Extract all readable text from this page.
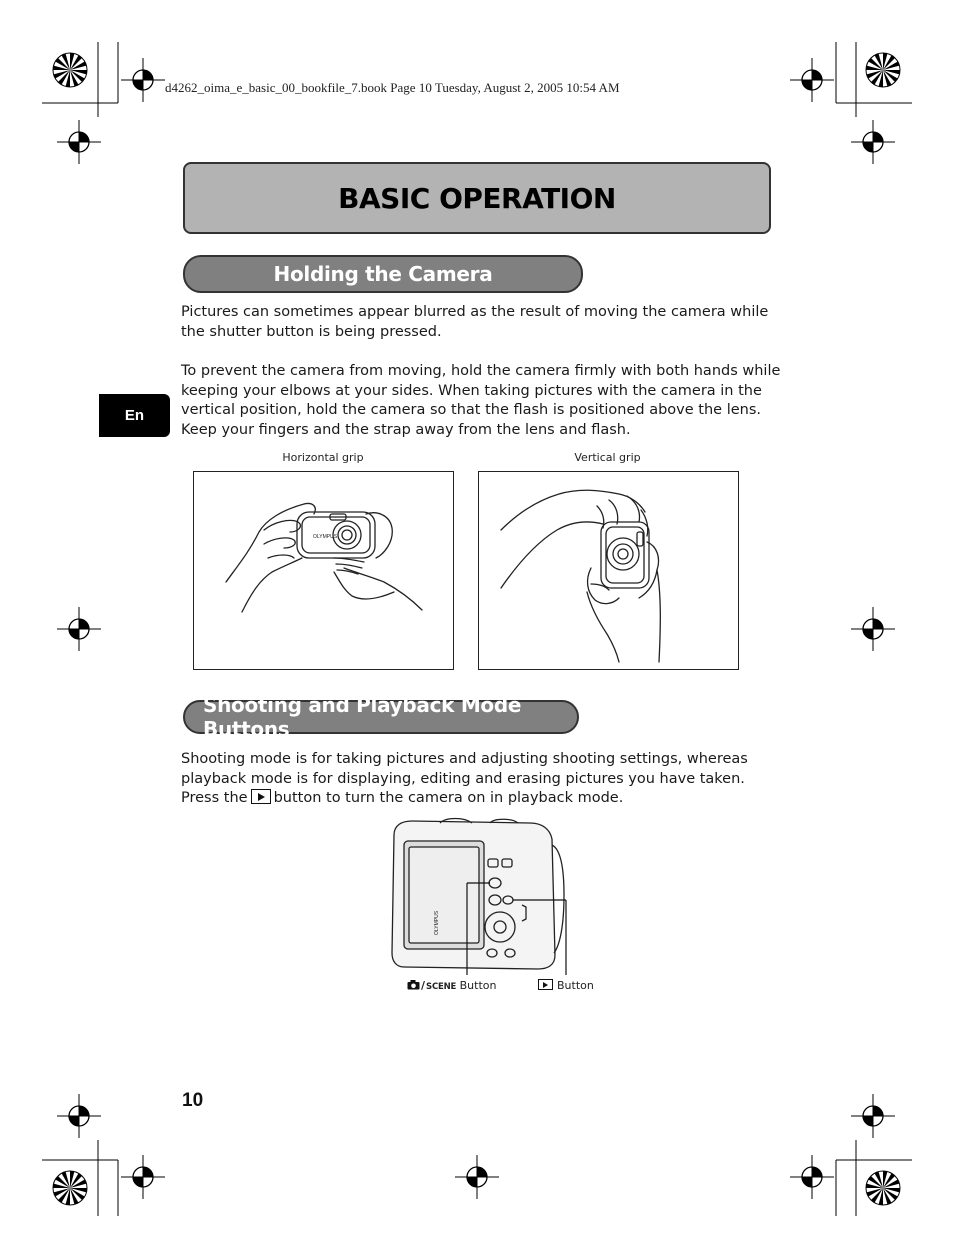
d4262_oima_e_basic_00_bookfile_7.book Page 10 Tuesday, August 2, 2005 10:54 AM
BASIC OPERATION
En
Holding the Camera
Pictures can sometimes appear blurred as the result of moving the camera while the shutter button is being pressed.
To prevent the camera from moving, hold the camera firmly with both hands while keeping your elbows at your sides. When taking pictures with the camera in the vertical position, hold the camera so that the flash is positioned above the lens. Keep your fingers and the strap away from the lens and flash.
Horizontal grip	Vertical grip
OLYMPUS
Shooting and Playback Mode Buttons
Shooting mode is for taking pictures and adjusting shooting settings, whereas playback mode is for displaying, editing and erasing pictures you have taken. Press the button to turn the camera on in playback mode.
OLYMPUS
/SCENE Button	Button
10
